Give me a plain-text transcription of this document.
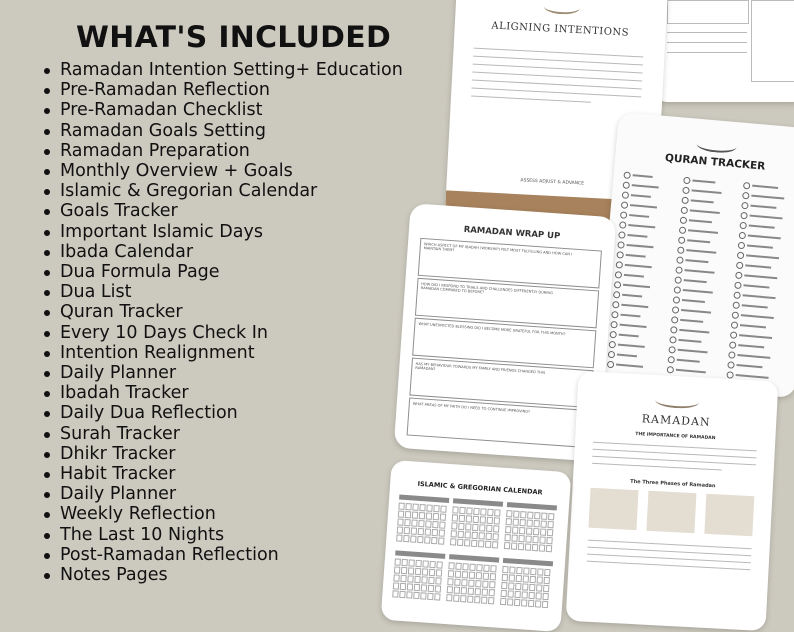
WHAT'S INCLUDED
Ramadan Intention Setting+ Education
Pre-Ramadan Reflection
Pre-Ramadan Checklist
Ramadan Goals Setting
Ramadan Preparation
Monthly Overview + Goals
Islamic & Gregorian Calendar
Goals Tracker
Important Islamic Days
Ibada Calendar
Dua Formula Page
Dua List
Quran Tracker
Every 10 Days Check In
Intention Realignment
Daily Planner
Ibadah Tracker
Daily Dua Reflection
Surah Tracker
Dhikr Tracker
Habit Tracker
Daily Planner
Weekly Reflection
The Last 10 Nights
Post-Ramadan Reflection
Notes Pages
ALIGNING INTENTIONS
ASSESS ADJUST & ADVANCE
QURAN TRACKER
RAMADAN WRAP UP
WHICH ASPECT OF MY IBADAH (WORSHIP) FELT MOST FULFILLING AND HOW CAN I MAINTAIN THEM?
HOW DID I RESPOND TO TRIALS AND CHALLENGES DIFFERENTLY DURING RAMADAN COMPARED TO BEFORE?
WHAT UNEXPECTED BLESSING DID I BECOME MORE GRATEFUL FOR THIS MONTH?
HAS MY BEHAVIOUR TOWARDS MY FAMILY AND FRIENDS CHANGED THIS RAMADAN?
WHAT AREAS OF MY FAITH DO I NEED TO CONTINUE IMPROVING?
RAMADAN
THE IMPORTANCE OF RAMADAN
The Three Phases of Ramadan
ISLAMIC & GREGORIAN CALENDAR
